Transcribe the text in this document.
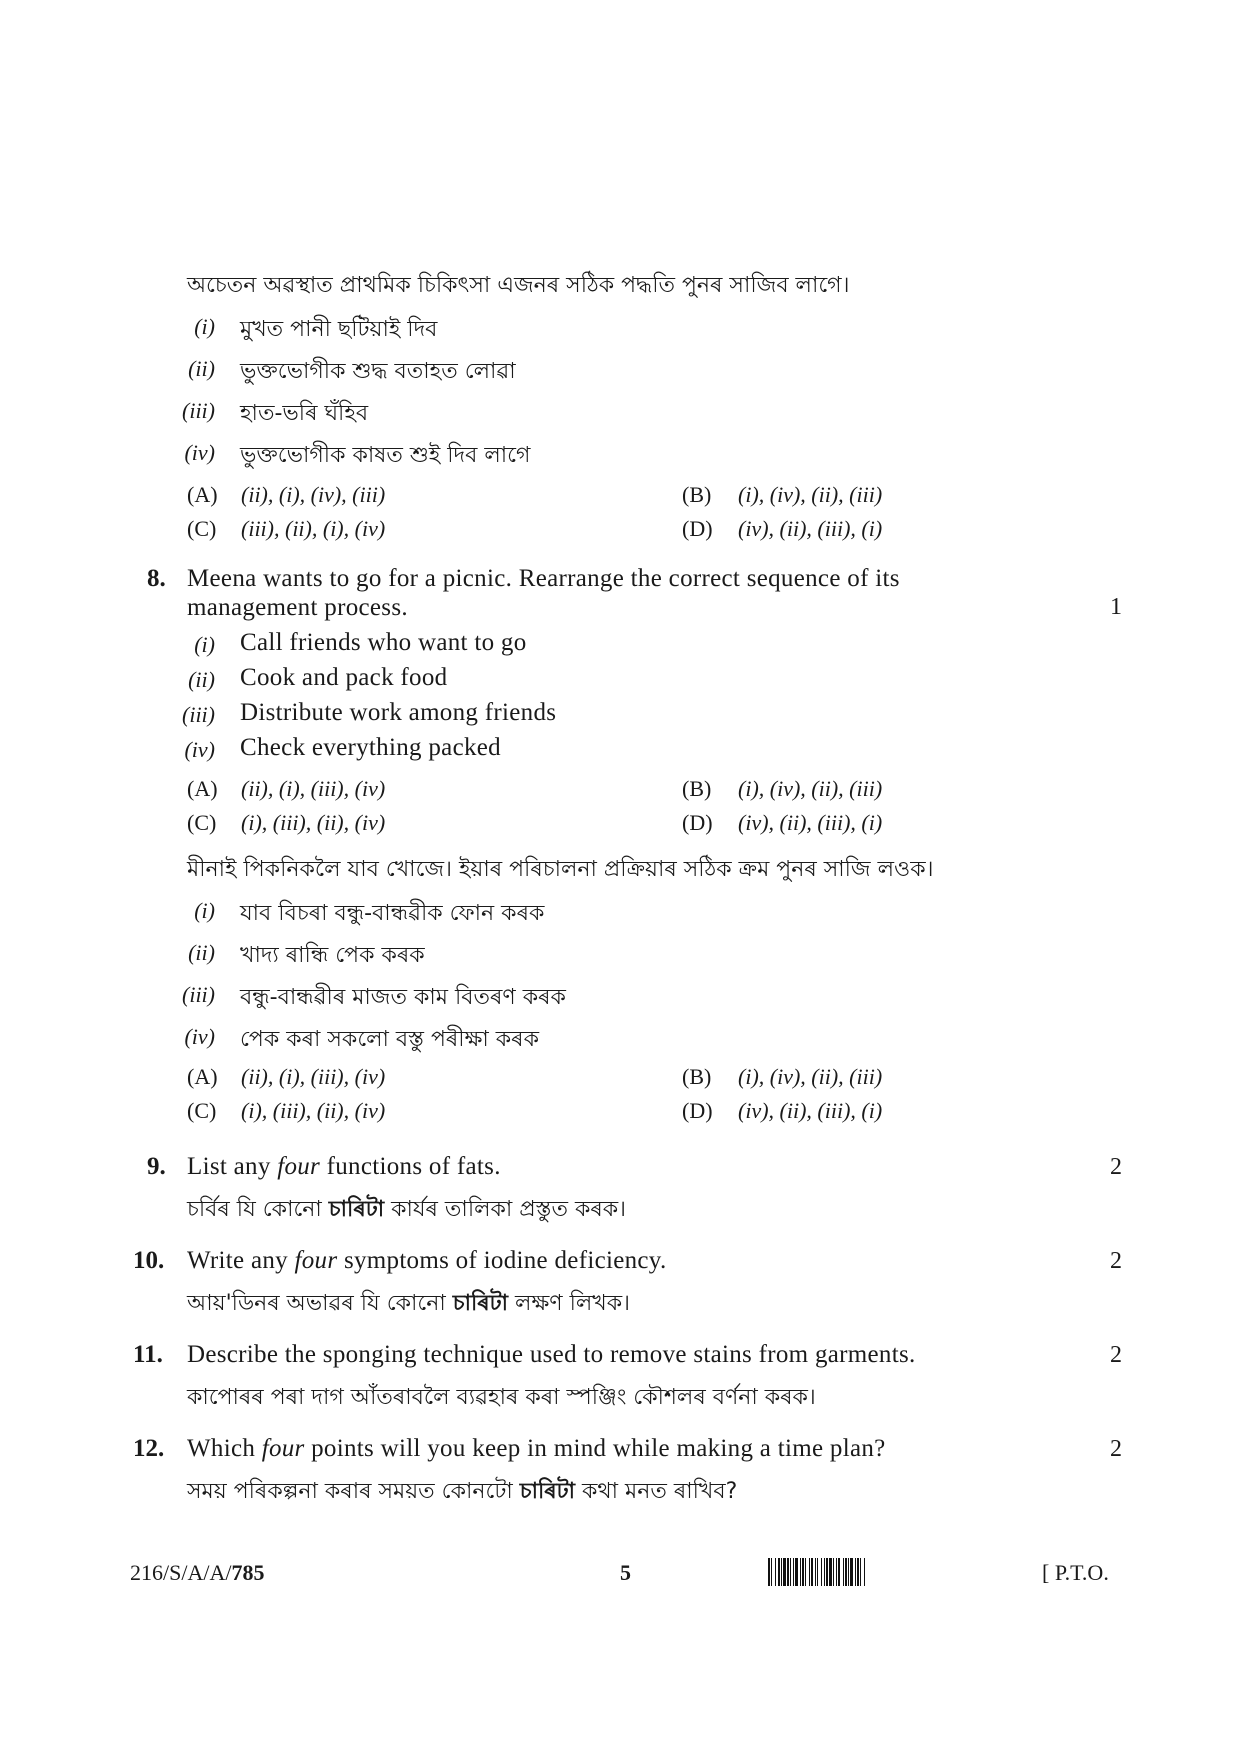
অচেতন অৱস্থাত প্ৰাথমিক চিকিৎসা এজনৰ সঠিক পদ্ধতি পুনৰ সাজিব লাগে।
(i) মুখত পানী ছটিয়াই দিব
(ii) ভুক্তভোগীক শুদ্ধ বতাহত লোৱা
(iii) হাত-ভৰি ঘঁহিব
(iv) ভুক্তভোগীক কাষত শুই দিব লাগে
(A) (ii), (i), (iv), (iii)	(B) (i), (iv), (ii), (iii)
(C) (iii), (ii), (i), (iv)	(D) (iv), (ii), (iii), (i)
8. Meena wants to go for a picnic. Rearrange the correct sequence of its
management process.	1
(i) Call friends who want to go
(ii) Cook and pack food
(iii) Distribute work among friends
(iv) Check everything packed
(A) (ii), (i), (iii), (iv)	(B) (i), (iv), (ii), (iii)
(C) (i), (iii), (ii), (iv)	(D) (iv), (ii), (iii), (i)
মীনাই পিকনিকলৈ যাব খোজে। ইয়াৰ পৰিচালনা প্ৰক্ৰিয়াৰ সঠিক ক্ৰম পুনৰ সাজি লওক।
(i) যাব বিচৰা বন্ধু-বান্ধৱীক ফোন কৰক
(ii) খাদ্য ৰান্ধি পেক কৰক
(iii) বন্ধু-বান্ধৱীৰ মাজত কাম বিতৰণ কৰক
(iv) পেক কৰা সকলো বস্তু পৰীক্ষা কৰক
(A) (ii), (i), (iii), (iv)	(B) (i), (iv), (ii), (iii)
(C) (i), (iii), (ii), (iv)	(D) (iv), (ii), (iii), (i)
9. List any four functions of fats.	2
চৰ্বিৰ যি কোনো চাৰিটা কাৰ্যৰ তালিকা প্ৰস্তুত কৰক।
10. Write any four symptoms of iodine deficiency.	2
আয়'ডিনৰ অভাৱৰ যি কোনো চাৰিটা লক্ষণ লিখক।
11. Describe the sponging technique used to remove stains from garments.	2
কাপোৰৰ পৰা দাগ আঁতৰাবলৈ ব্যৱহাৰ কৰা স্পঞ্জিং কৌশলৰ বৰ্ণনা কৰক।
12. Which four points will you keep in mind while making a time plan?	2
সময় পৰিকল্পনা কৰাৰ সময়ত কোনটো চাৰিটা কথা মনত ৰাখিব?
216/S/A/A/785	5	[ P.T.O.
